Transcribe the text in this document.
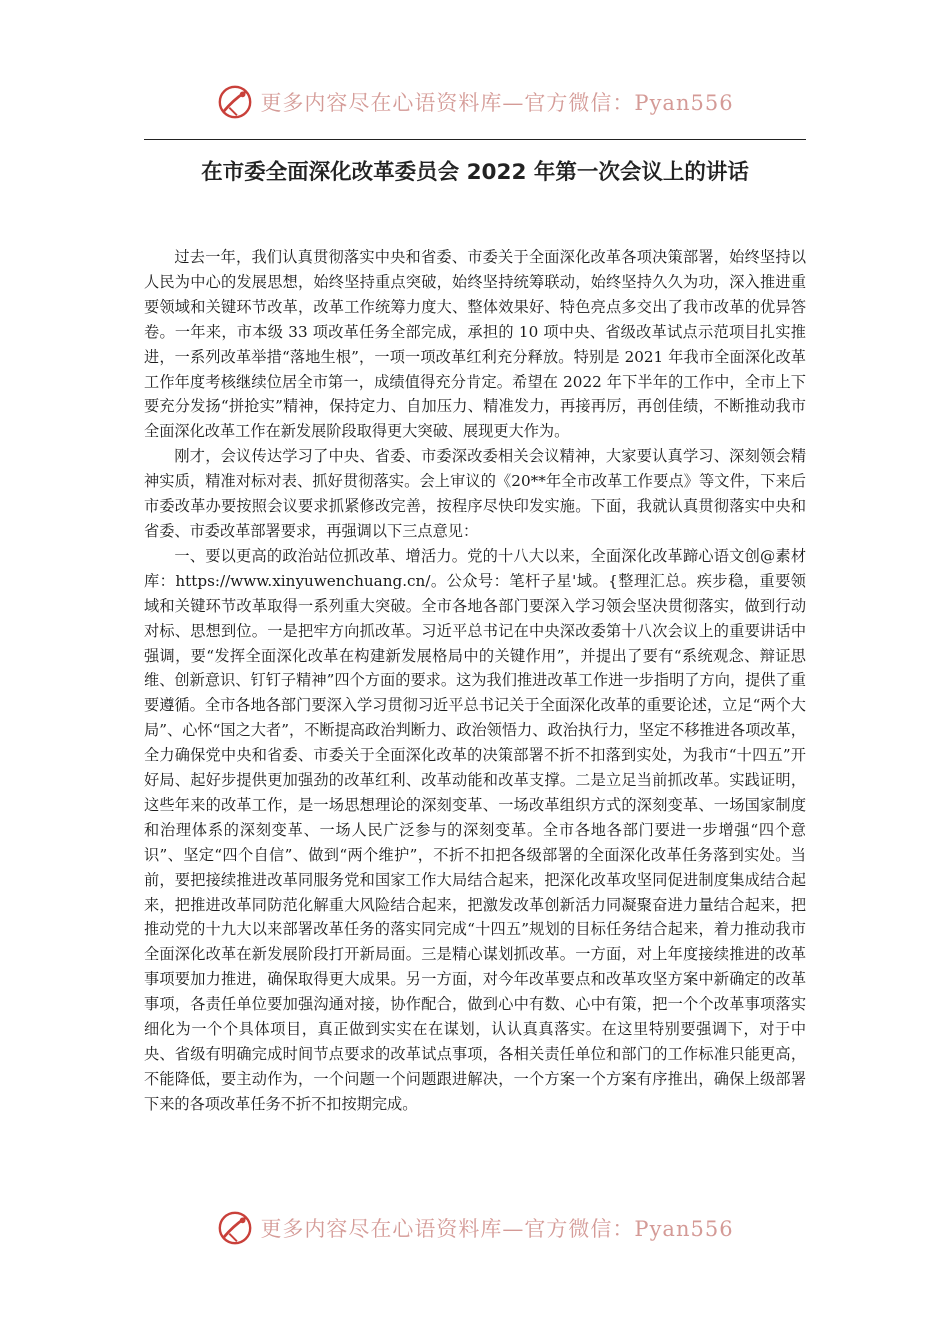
更多内容尽在心语资料库—官方微信：Pyan556
在市委全面深化改革委员会 2022 年第一次会议上的讲话

过去一年，我们认真贯彻落实中央和省委、市委关于全面深化改革各项决策部署，始终坚持以人民为中心的发展思想，始终坚持重点突破，始终坚持统筹联动，始终坚持久久为功，深入推进重要领域和关键环节改革，改革工作统筹力度大、整体效果好、特色亮点多交出了我市改革的优异答卷。一年来，市本级 33 项改革任务全部完成，承担的 10 项中央、省级改革试点示范项目扎实推进，一系列改革举措“落地生根”，一项一项改革红利充分释放。特别是 2021 年我市全面深化改革工作年度考核继续位居全市第一，成绩值得充分肯定。希望在 2022 年下半年的工作中，全市上下要充分发扬“拼抢实”精神，保持定力、自加压力、精准发力，再接再厉，再创佳绩，不断推动我市全面深化改革工作在新发展阶段取得更大突破、展现更大作为。

刚才，会议传达学习了中央、省委、市委深改委相关会议精神，大家要认真学习、深刻领会精神实质，精准对标对表、抓好贯彻落实。会上审议的《20**年全市改革工作要点》等文件，下来后市委改革办要按照会议要求抓紧修改完善，按程序尽快印发实施。下面，我就认真贯彻落实中央和省委、市委改革部署要求，再强调以下三点意见：

一、要以更高的政治站位抓改革、增活力。党的十八大以来，全面深化改革蹄心语文创@素材库：https://www.xinyuwenchuang.cn/。公众号：笔杆子星'域。{整理汇总。疾步稳，重要领域和关键环节改革取得一系列重大突破。全市各地各部门要深入学习领会坚决贯彻落实，做到行动对标、思想到位。一是把牢方向抓改革。习近平总书记在中央深改委第十八次会议上的重要讲话中强调，要“发挥全面深化改革在构建新发展格局中的关键作用”，并提出了要有“系统观念、辩证思维、创新意识、钉钉子精神”四个方面的要求。这为我们推进改革工作进一步指明了方向，提供了重要遵循。全市各地各部门要深入学习贯彻习近平总书记关于全面深化改革的重要论述，立足“两个大局”、心怀“国之大者”，不断提高政治判断力、政治领悟力、政治执行力，坚定不移推进各项改革，全力确保党中央和省委、市委关于全面深化改革的决策部署不折不扣落到实处，为我市“十四五”开好局、起好步提供更加强劲的改革红利、改革动能和改革支撑。二是立足当前抓改革。实践证明，这些年来的改革工作，是一场思想理论的深刻变革、一场改革组织方式的深刻变革、一场国家制度和治理体系的深刻变革、一场人民广泛参与的深刻变革。全市各地各部门要进一步增强“四个意识”、坚定“四个自信”、做到“两个维护”，不折不扣把各级部署的全面深化改革任务落到实处。当前，要把接续推进改革同服务党和国家工作大局结合起来，把深化改革攻坚同促进制度集成结合起来，把推进改革同防范化解重大风险结合起来，把激发改革创新活力同凝聚奋进力量结合起来，把推动党的十九大以来部署改革任务的落实同完成“十四五”规划的目标任务结合起来，着力推动我市全面深化改革在新发展阶段打开新局面。三是精心谋划抓改革。一方面，对上年度接续推进的改革事项要加力推进，确保取得更大成果。另一方面，对今年改革要点和改革攻坚方案中新确定的改革事项，各责任单位要加强沟通对接，协作配合，做到心中有数、心中有策，把一个个改革事项落实细化为一个个具体项目，真正做到实实在在谋划，认认真真落实。在这里特别要强调下，对于中央、省级有明确完成时间节点要求的改革试点事项，各相关责任单位和部门的工作标准只能更高，不能降低，要主动作为，一个问题一个问题跟进解决，一个方案一个方案有序推出，确保上级部署下来的各项改革任务不折不扣按期完成。

更多内容尽在心语资料库—官方微信：Pyan556
